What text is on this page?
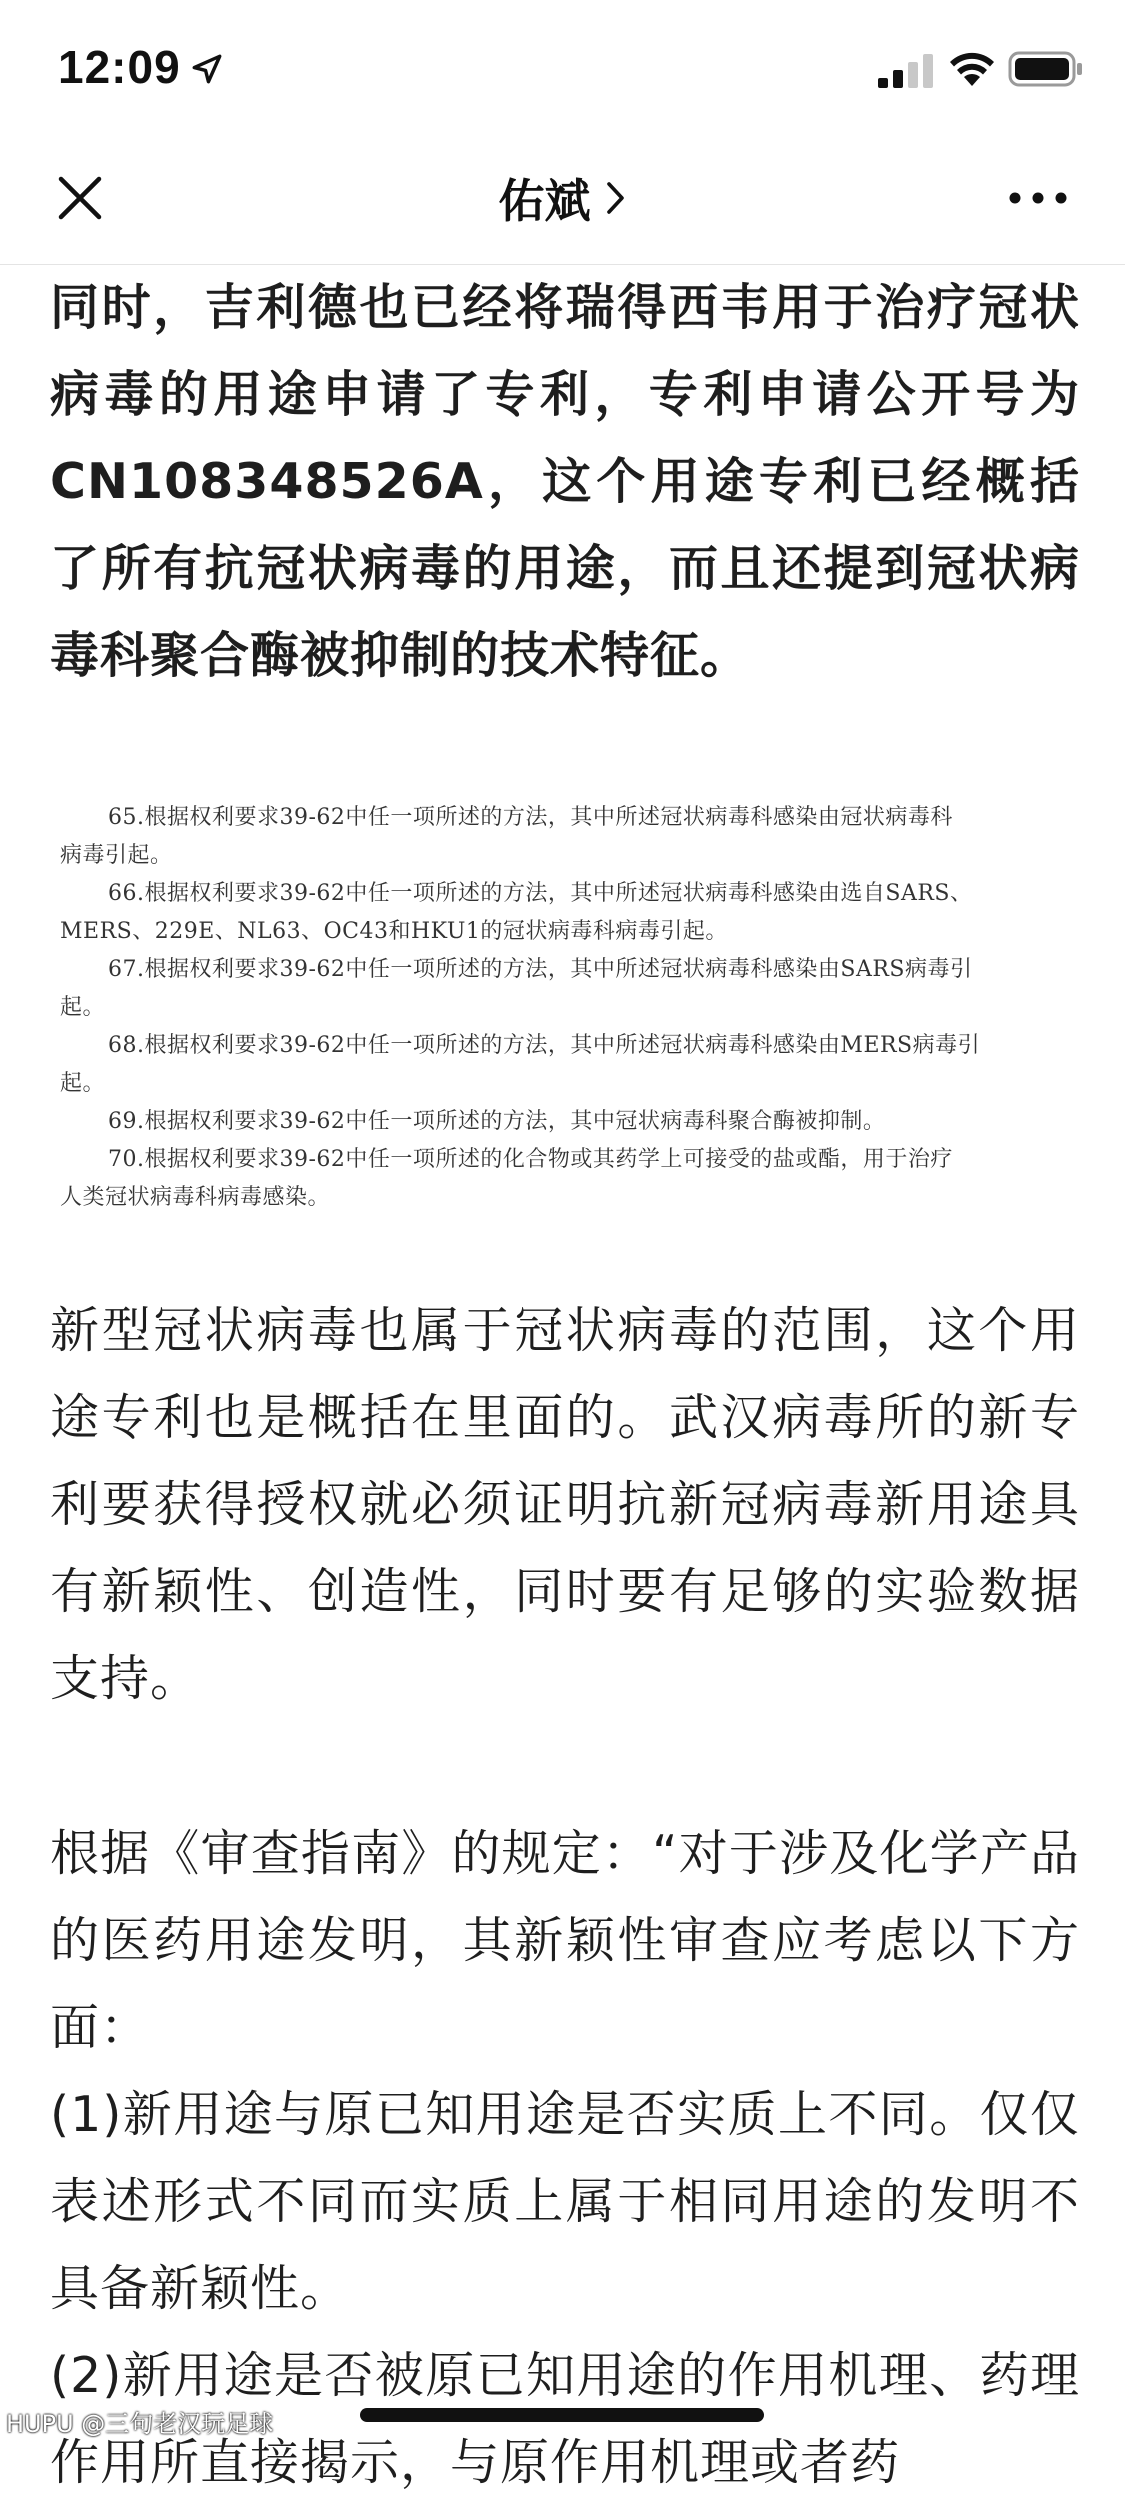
12:09
佑斌

同时，吉利德也已经将瑞得西韦用于治疗冠状病毒的用途申请了专利，专利申请公开号为CN108348526A，这个用途专利已经概括了所有抗冠状病毒的用途，而且还提到冠状病毒科聚合酶被抑制的技术特征。

65.根据权利要求39-62中任一项所述的方法，其中所述冠状病毒科感染由冠状病毒科

病毒引起。

66.根据权利要求39-62中任一项所述的方法，其中所述冠状病毒科感染由选自SARS、

MERS、229E、NL63、OC43和HKU1的冠状病毒科病毒引起。

67.根据权利要求39-62中任一项所述的方法，其中所述冠状病毒科感染由SARS病毒引

起。

68.根据权利要求39-62中任一项所述的方法，其中所述冠状病毒科感染由MERS病毒引

起。

69.根据权利要求39-62中任一项所述的方法，其中冠状病毒科聚合酶被抑制。

70.根据权利要求39-62中任一项所述的化合物或其药学上可接受的盐或酯，用于治疗

人类冠状病毒科病毒感染。

新型冠状病毒也属于冠状病毒的范围，这个用途专利也是概括在里面的。武汉病毒所的新专利要获得授权就必须证明抗新冠病毒新用途具有新颖性、创造性，同时要有足够的实验数据支持。

根据《审查指南》的规定：“对于涉及化学产品的医药用途发明，其新颖性审查应考虑以下方面：

(1)新用途与原已知用途是否实质上不同。仅仅表述形式不同而实质上属于相同用途的发明不具备新颖性。

(2)新用途是否被原已知用途的作用机理、药理作用所直接揭示，与原作用机理或者药

HUPU @三句老汉玩足球
